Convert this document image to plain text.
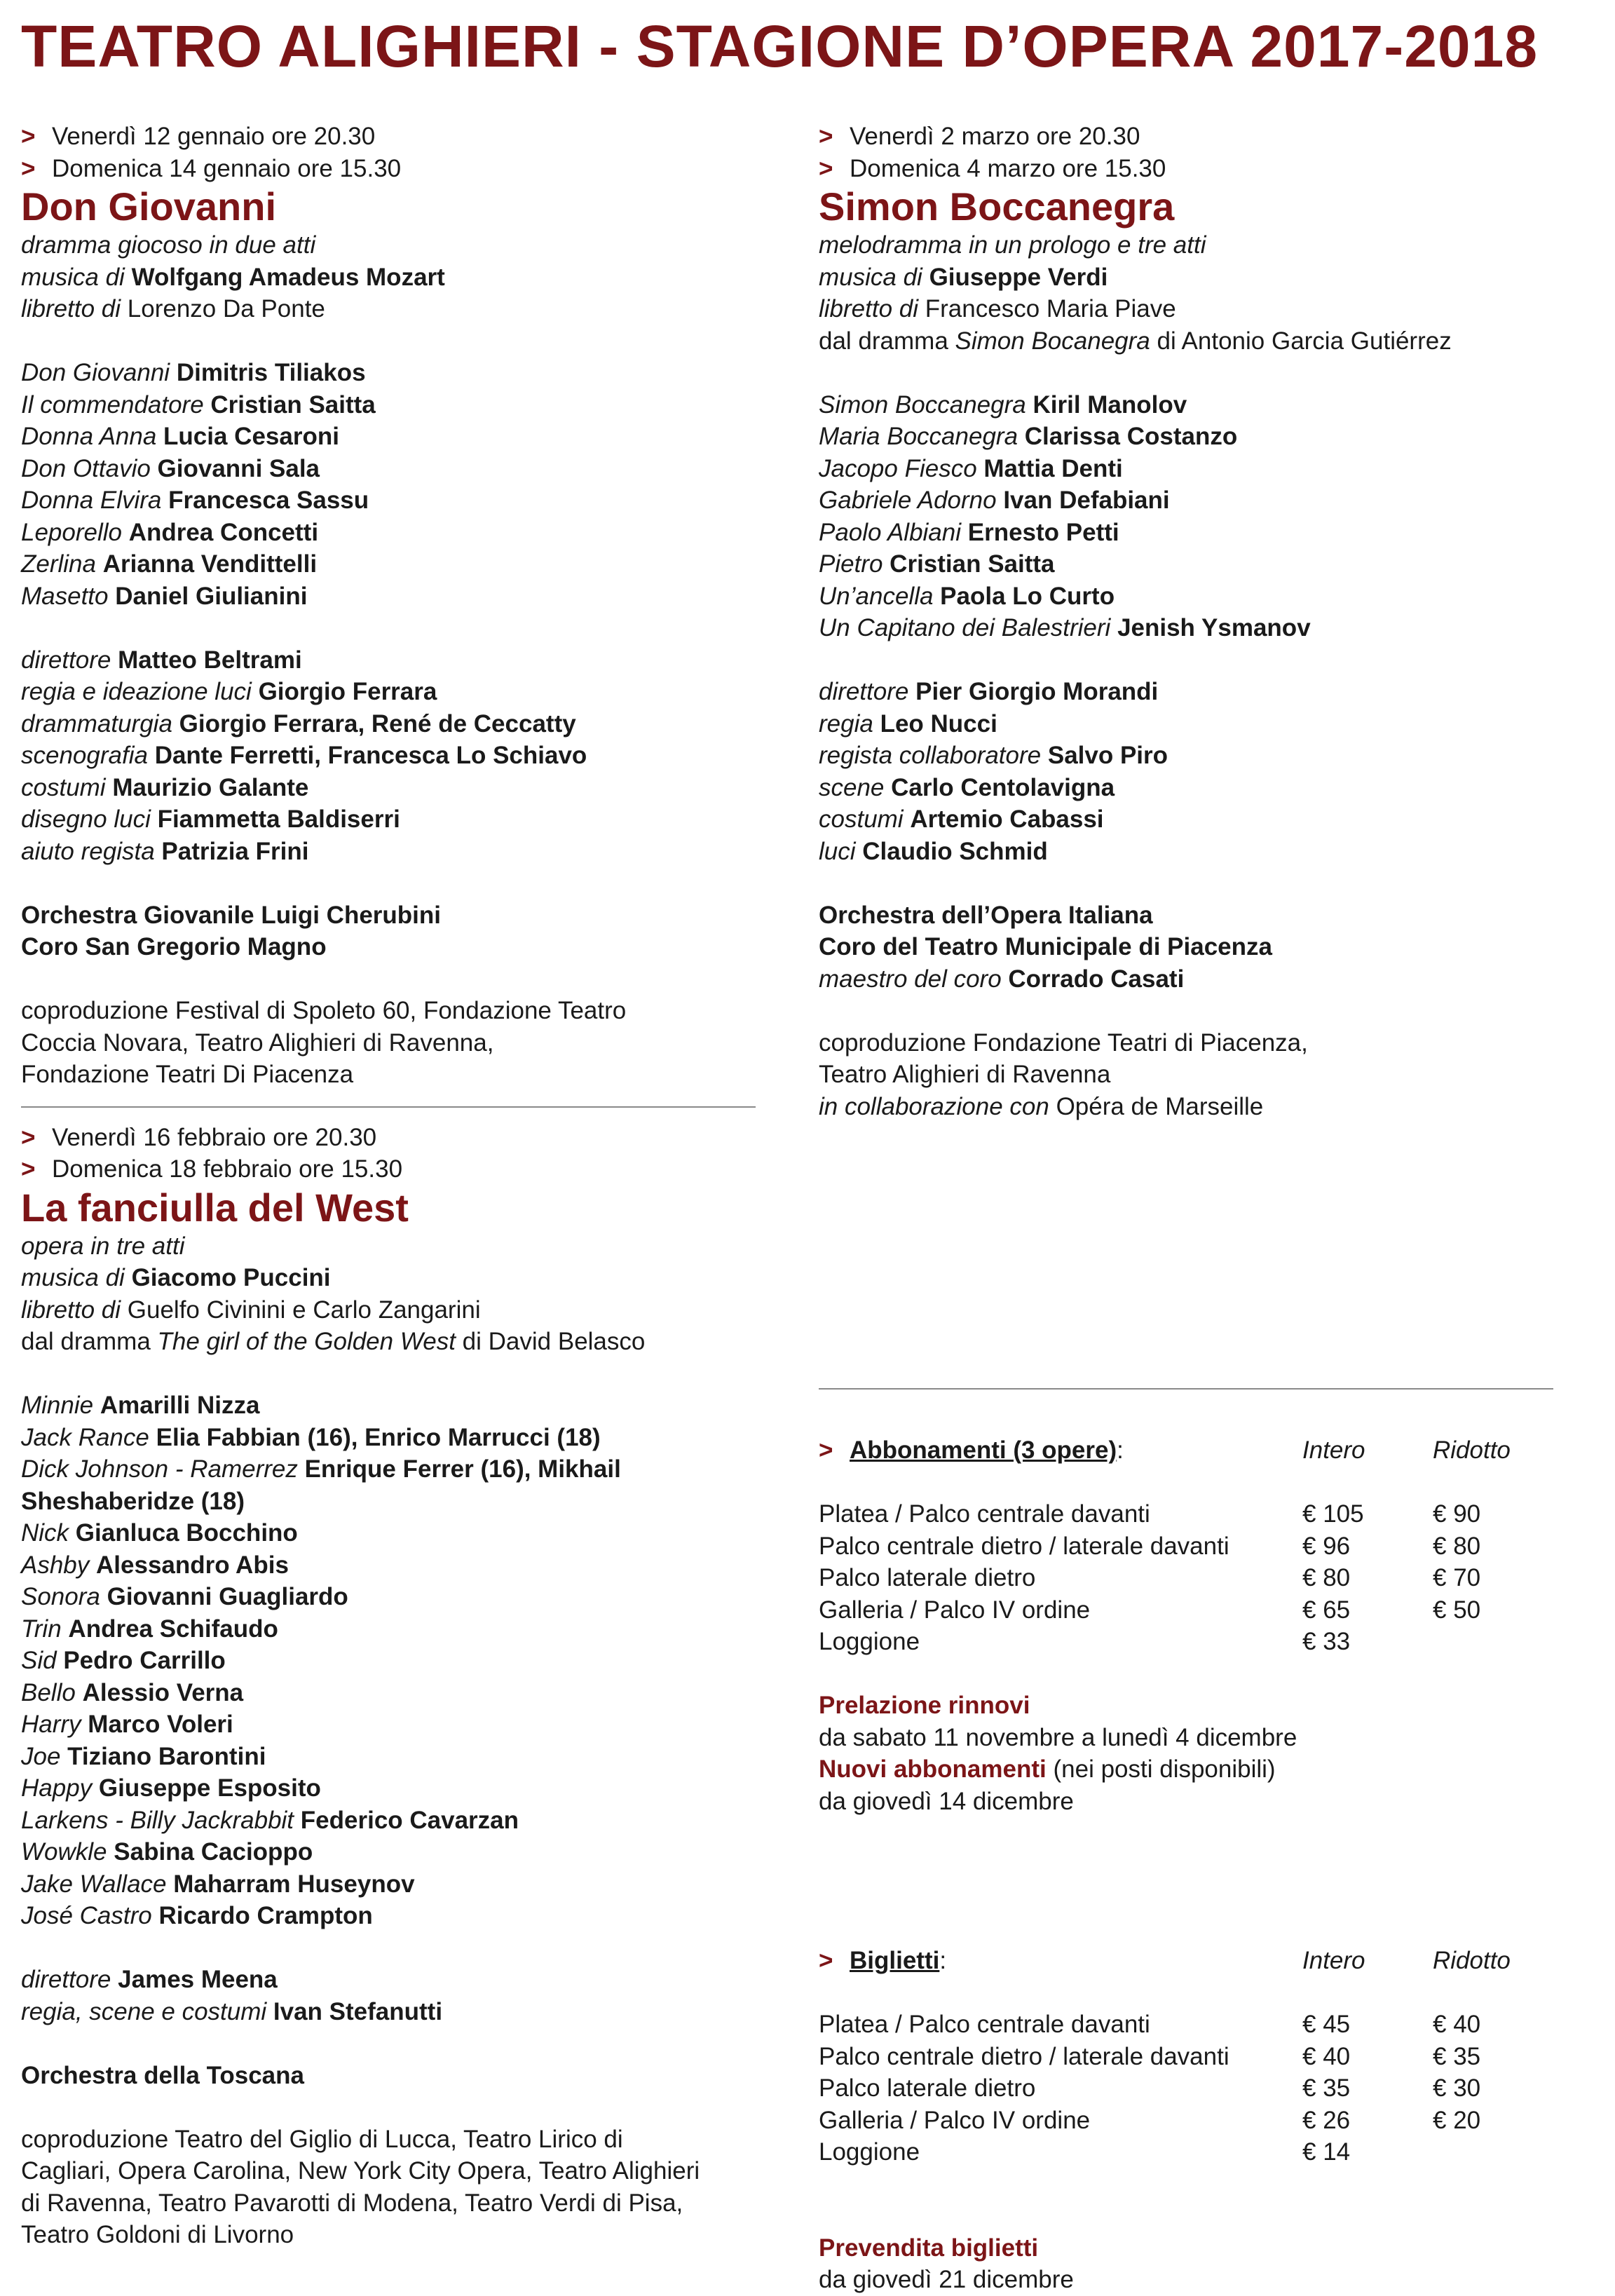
TEATRO ALIGHIERI - STAGIONE D’OPERA 2017-2018
> Venerdì 12 gennaio ore 20.30
> Domenica 14 gennaio ore 15.30
Don Giovanni
dramma giocoso in due atti
musica di Wolfgang Amadeus Mozart
libretto di Lorenzo Da Ponte
Don Giovanni Dimitris Tiliakos
Il commendatore Cristian Saitta
Donna Anna Lucia Cesaroni
Don Ottavio Giovanni Sala
Donna Elvira Francesca Sassu
Leporello Andrea Concetti
Zerlina Arianna Vendittelli
Masetto Daniel Giulianini
direttore Matteo Beltrami
regia e ideazione luci Giorgio Ferrara
drammaturgia Giorgio Ferrara, René de Ceccatty
scenografia Dante Ferretti, Francesca Lo Schiavo
costumi Maurizio Galante
disegno luci Fiammetta Baldiserri
aiuto regista Patrizia Frini
Orchestra Giovanile Luigi Cherubini
Coro San Gregorio Magno
coproduzione Festival di Spoleto 60, Fondazione Teatro
Coccia Novara, Teatro Alighieri di Ravenna,
Fondazione Teatri Di Piacenza
> Venerdì 16 febbraio ore 20.30
> Domenica 18 febbraio ore 15.30
La fanciulla del West
opera in tre atti
musica di Giacomo Puccini
libretto di Guelfo Civinini e Carlo Zangarini
dal dramma The girl of the Golden West di David Belasco
Minnie Amarilli Nizza
Jack Rance Elia Fabbian (16), Enrico Marrucci (18)
Dick Johnson - Ramerrez Enrique Ferrer (16), Mikhail Sheshaberidze (18)
Nick Gianluca Bocchino
Ashby Alessandro Abis
Sonora Giovanni Guagliardo
Trin Andrea Schifaudo
Sid Pedro Carrillo
Bello Alessio Verna
Harry Marco Voleri
Joe Tiziano Barontini
Happy Giuseppe Esposito
Larkens - Billy Jackrabbit Federico Cavarzan
Wowkle Sabina Cacioppo
Jake Wallace Maharram Huseynov
José Castro Ricardo Crampton
direttore James Meena
regia, scene e costumi Ivan Stefanutti
Orchestra della Toscana
coproduzione Teatro del Giglio di Lucca, Teatro Lirico di
Cagliari, Opera Carolina, New York City Opera, Teatro Alighieri
di Ravenna, Teatro Pavarotti di Modena, Teatro Verdi di Pisa,
Teatro Goldoni di Livorno
> Venerdì 2 marzo ore 20.30
> Domenica 4 marzo ore 15.30
Simon Boccanegra
melodramma in un prologo e tre atti
musica di Giuseppe Verdi
libretto di Francesco Maria Piave
dal dramma Simon Bocanegra di Antonio Garcia Gutiérrez
Simon Boccanegra Kiril Manolov
Maria Boccanegra Clarissa Costanzo
Jacopo Fiesco Mattia Denti
Gabriele Adorno Ivan Defabiani
Paolo Albiani Ernesto Petti
Pietro Cristian Saitta
Un’ancella Paola Lo Curto
Un Capitano dei Balestrieri Jenish Ysmanov
direttore Pier Giorgio Morandi
regia Leo Nucci
regista collaboratore Salvo Piro
scene Carlo Centolavigna
costumi Artemio Cabassi
luci Claudio Schmid
Orchestra dell’Opera Italiana
Coro del Teatro Municipale di Piacenza
maestro del coro Corrado Casati
coproduzione Fondazione Teatri di Piacenza,
Teatro Alighieri di Ravenna
in collaborazione con Opéra de Marseille
> Abbonamenti (3 opere):	Intero	Ridotto
Platea / Palco centrale davanti	€ 105	€ 90
Palco centrale dietro / laterale davanti	€ 96	€ 80
Palco laterale dietro	€ 80	€ 70
Galleria / Palco IV ordine	€ 65	€ 50
Loggione	€ 33
Prelazione rinnovi
da sabato 11 novembre a lunedì 4 dicembre
Nuovi abbonamenti (nei posti disponibili)
da giovedì 14 dicembre
> Biglietti:	Intero	Ridotto
Platea / Palco centrale davanti	€ 45	€ 40
Palco centrale dietro / laterale davanti	€ 40	€ 35
Palco laterale dietro	€ 35	€ 30
Galleria / Palco IV ordine	€ 26	€ 20
Loggione	€ 14
Prevendita biglietti
da giovedì 21 dicembre
